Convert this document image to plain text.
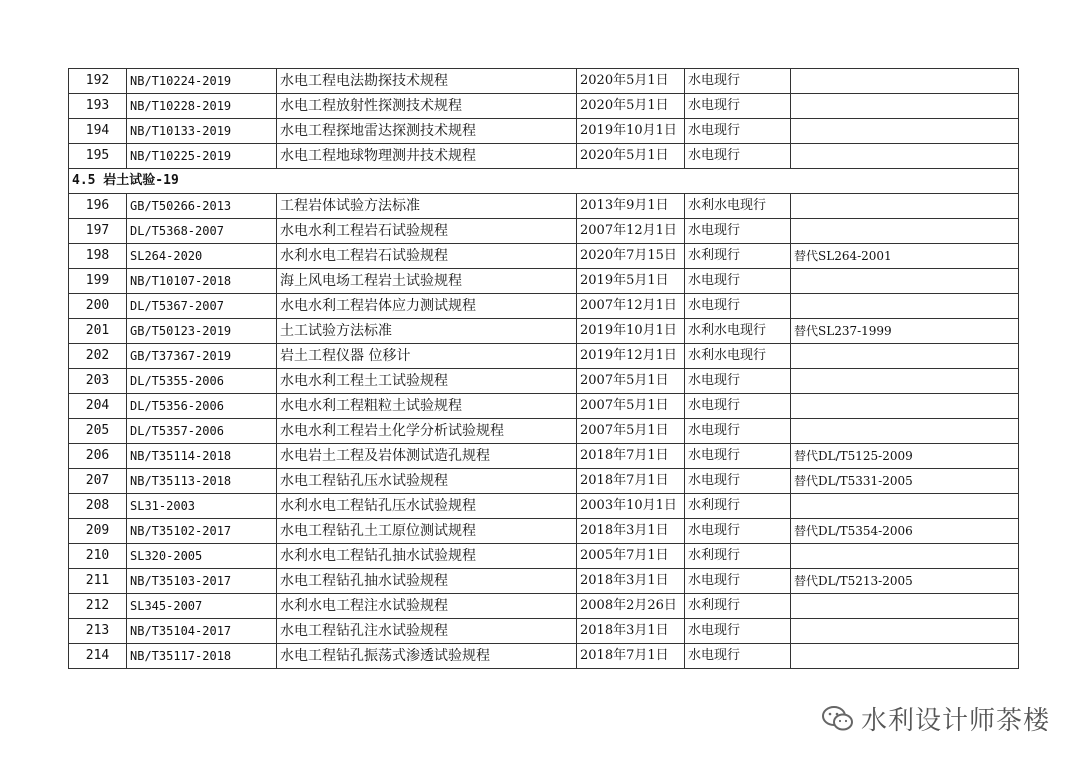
192	NB/T10224-2019	水电工程电法勘探技术规程	2020年5月1日	水电现行	
193	NB/T10228-2019	水电工程放射性探测技术规程	2020年5月1日	水电现行	
194	NB/T10133-2019	水电工程探地雷达探测技术规程	2019年10月1日	水电现行	
195	NB/T10225-2019	水电工程地球物理测井技术规程	2020年5月1日	水电现行	
4.5 岩土试验-19					
196	GB/T50266-2013	工程岩体试验方法标准	2013年9月1日	水利水电现行	
197	DL/T5368-2007	水电水利工程岩石试验规程	2007年12月1日	水电现行	
198	SL264-2020	水利水电工程岩石试验规程	2020年7月15日	水利现行	替代SL264-2001
199	NB/T10107-2018	海上风电场工程岩土试验规程	2019年5月1日	水电现行	
200	DL/T5367-2007	水电水利工程岩体应力测试规程	2007年12月1日	水电现行	
201	GB/T50123-2019	土工试验方法标准	2019年10月1日	水利水电现行	替代SL237-1999
202	GB/T37367-2019	岩土工程仪器 位移计	2019年12月1日	水利水电现行	
203	DL/T5355-2006	水电水利工程土工试验规程	2007年5月1日	水电现行	
204	DL/T5356-2006	水电水利工程粗粒土试验规程	2007年5月1日	水电现行	
205	DL/T5357-2006	水电水利工程岩土化学分析试验规程	2007年5月1日	水电现行	
206	NB/T35114-2018	水电岩土工程及岩体测试造孔规程	2018年7月1日	水电现行	替代DL/T5125-2009
207	NB/T35113-2018	水电工程钻孔压水试验规程	2018年7月1日	水电现行	替代DL/T5331-2005
208	SL31-2003	水利水电工程钻孔压水试验规程	2003年10月1日	水利现行	
209	NB/T35102-2017	水电工程钻孔土工原位测试规程	2018年3月1日	水电现行	替代DL/T5354-2006
210	SL320-2005	水利水电工程钻孔抽水试验规程	2005年7月1日	水利现行	
211	NB/T35103-2017	水电工程钻孔抽水试验规程	2018年3月1日	水电现行	替代DL/T5213-2005
212	SL345-2007	水利水电工程注水试验规程	2008年2月26日	水利现行	
213	NB/T35104-2017	水电工程钻孔注水试验规程	2018年3月1日	水电现行	
214	NB/T35117-2018	水电工程钻孔振荡式渗透试验规程	2018年7月1日	水电现行	
水利设计师茶楼
